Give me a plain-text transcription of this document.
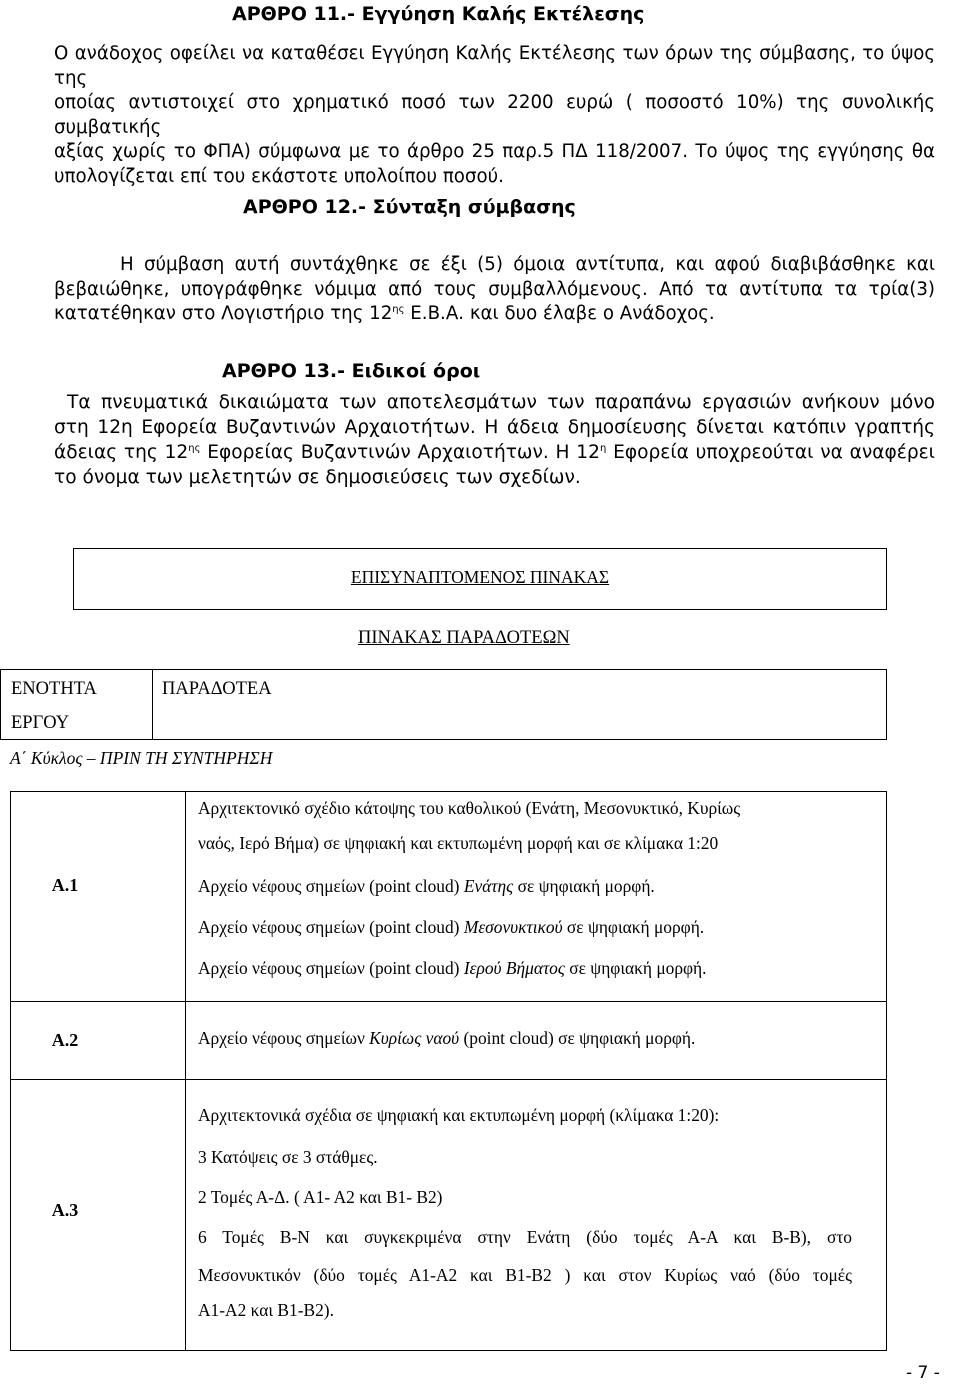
ΑΡΘΡΟ 11.- Εγγύηση Καλής Εκτέλεσης

Ο ανάδοχος οφείλει να καταθέσει Εγγύηση Καλής Εκτέλεσης των όρων της σύμβασης, το ύψος της

οποίας αντιστοιχεί στο χρηματικό ποσό των 2200 ευρώ ( ποσοστό 10%) της συνολικής συμβατικής

αξίας χωρίς το ΦΠΑ) σύμφωνα με το άρθρο 25 παρ.5 ΠΔ 118/2007. Το ύψος της εγγύησης θα

υπολογίζεται επί του εκάστοτε υπολοίπου ποσού.

ΑΡΘΡΟ 12.- Σύνταξη σύμβασης

Η σύμβαση αυτή συντάχθηκε σε έξι (5) όμοια αντίτυπα, και αφού διαβιβάσθηκε και

βεβαιώθηκε, υπογράφθηκε νόμιμα από τους συμβαλλόμενους. Από τα αντίτυπα τα τρία(3)

κατατέθηκαν στο Λογιστήριο της $12^{\eta\varsigma}$ Ε.Β.Α. και δυο έλαβε ο Ανάδοχος.

ΑΡΘΡΟ 13.- Ειδικοί όροι

Τα πνευματικά δικαιώματα των αποτελεσμάτων των παραπάνω εργασιών ανήκουν μόνο

στη 12η Εφορεία Βυζαντινών Αρχαιοτήτων. Η άδεια δημοσίευσης δίνεται κατόπιν γραπτής

άδειας της $12^{\eta\varsigma}$ Εφορείας Βυζαντινών Αρχαιοτήτων. Η $12^\eta$ Εφορεία υποχρεούται να αναφέρει

το όνομα των μελετητών σε δημοσιεύσεις των σχεδίων.

ΕΠΙΣΥΝΑΠΤΟΜΕΝΟΣ ΠΙΝΑΚΑΣ
ΠΙΝΑΚΑΣ ΠΑΡΑΔΟΤΕΩΝ
ΕΝΟΤΗΤΑ
ΕΡΓΟΥ
ΠΑΡΑΔΟΤΕΑ
Α΄ Κύκλος – ΠΡΙΝ ΤΗ ΣΥΝΤΗΡΗΣΗ
Α.1
Αρχιτεκτονικό σχέδιο κάτοψης του καθολικού (Ενάτη, Μεσονυκτικό, Κυρίως
ναός, Ιερό Βήμα) σε ψηφιακή και εκτυπωμένη μορφή και σε κλίμακα 1:20
Αρχείο νέφους σημείων (point cloud) Ενάτης σε ψηφιακή μορφή.
Αρχείο νέφους σημείων (point cloud) Μεσονυκτικού σε ψηφιακή μορφή.
Αρχείο νέφους σημείων (point cloud) Ιερού Βήματος σε ψηφιακή μορφή.
Α.2	Αρχείο νέφους σημείων Κυρίως ναού (point cloud) σε ψηφιακή μορφή.
Α.3
Αρχιτεκτονικά σχέδια σε ψηφιακή και εκτυπωμένη μορφή (κλίμακα 1:20):
3 Κατόψεις σε 3 στάθμες.
2 Τομές Α-Δ. ( Α1- Α2 και Β1- Β2)
6 Τομές Β-Ν και συγκεκριμένα στην Ενάτη (δύο τομές Α-Α και Β-Β), στο
Μεσονυκτικόν (δύο τομές Α1-Α2 και Β1-Β2 ) και στον Κυρίως ναό (δύο τομές
Α1-Α2 και Β1-Β2).
- 7 -
